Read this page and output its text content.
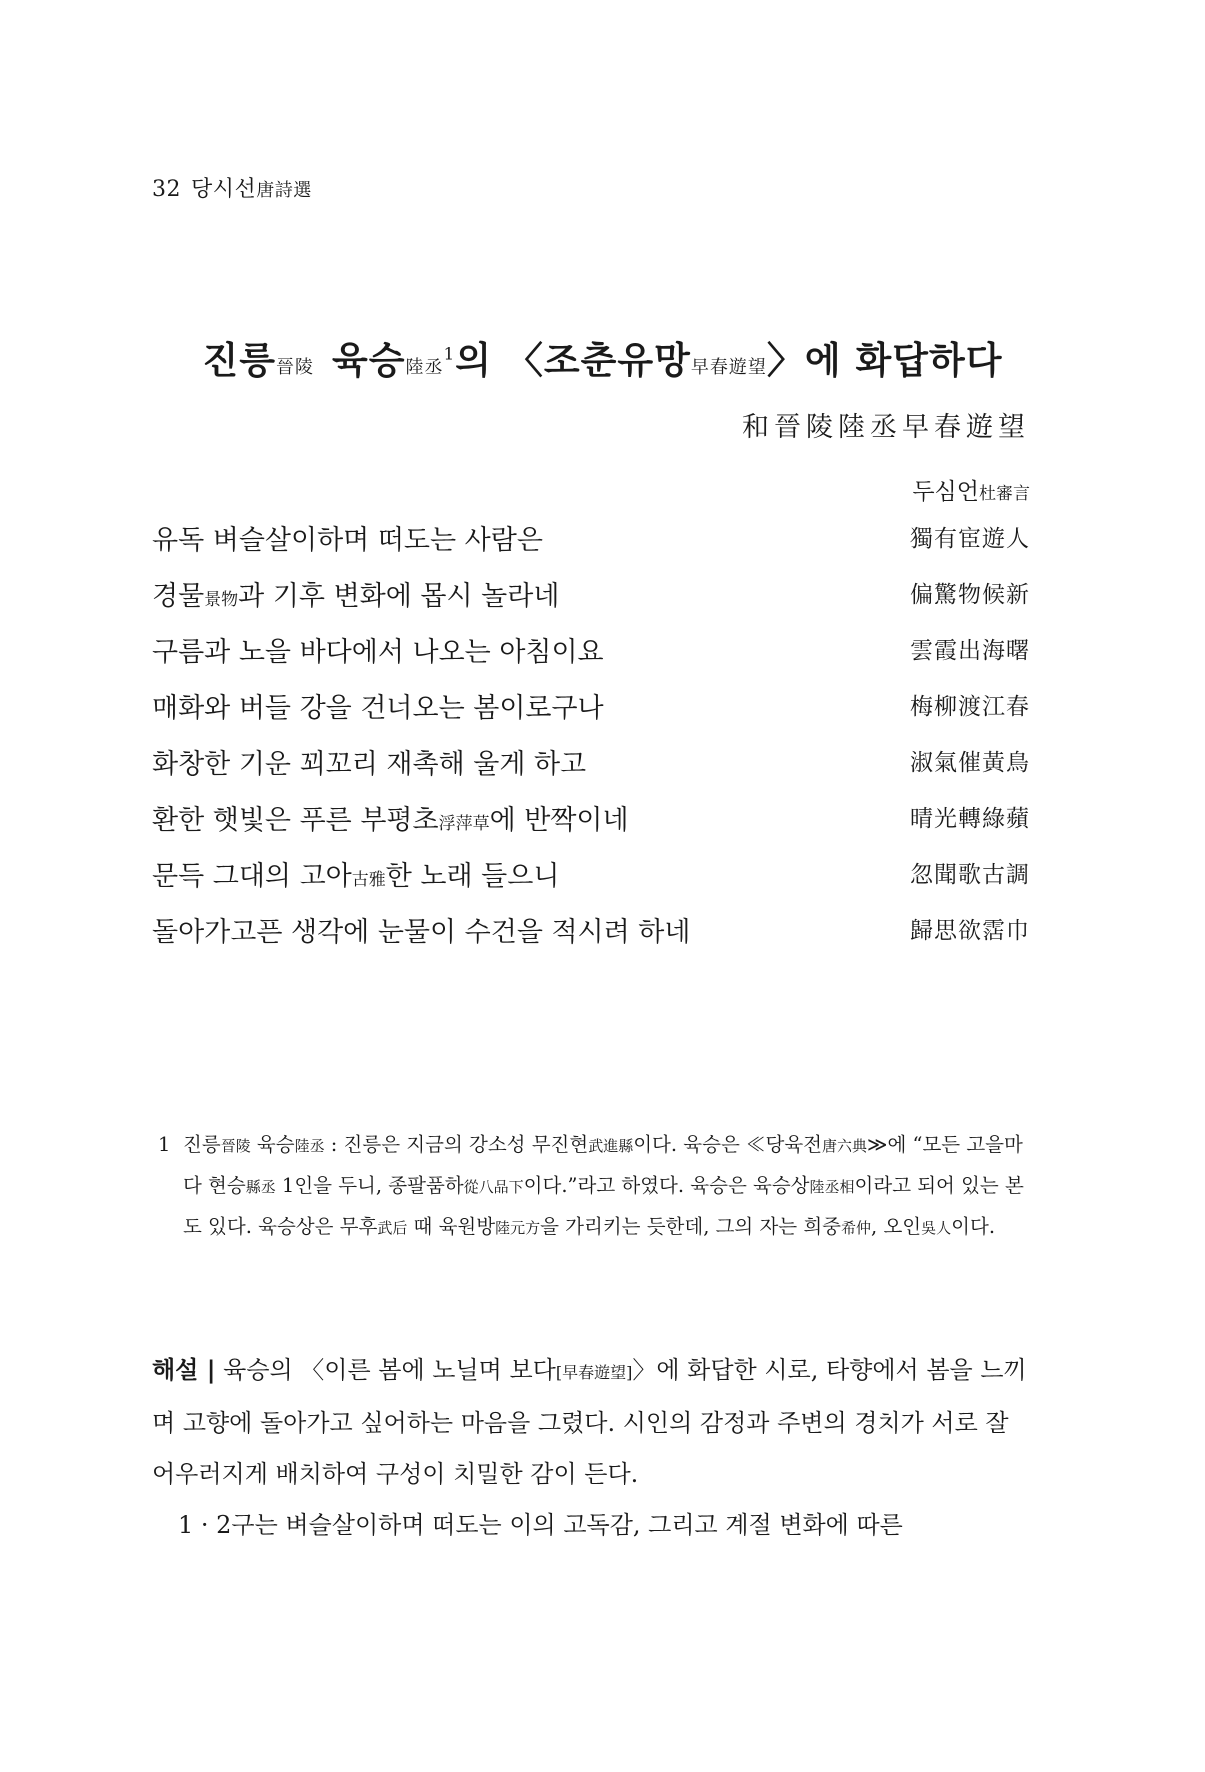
32 당시선唐詩選
진릉晉陵 육승陸丞$^1$의 〈조춘유망早春遊望〉에 화답하다
和晉陵陸丞早春遊望
두심언杜審言
유독 벼슬살이하며 떠도는 사람은	獨有宦遊人
경물景物과 기후 변화에 몹시 놀라네	偏驚物候新
구름과 노을 바다에서 나오는 아침이요	雲霞出海曙
매화와 버들 강을 건너오는 봄이로구나	梅柳渡江春
화창한 기운 꾀꼬리 재촉해 울게 하고	淑氣催黃鳥
환한 햇빛은 푸른 부평초浮萍草에 반짝이네	晴光轉綠蘋
문득 그대의 고아古雅한 노래 들으니	忽聞歌古調
돌아가고픈 생각에 눈물이 수건을 적시려 하네	歸思欲霑巾
1 진릉晉陵 육승陸丞 : 진릉은 지금의 강소성 무진현武進縣이다. 육승은 ≪당육전唐六典≫에 “모든 고을마다 현승縣丞 1인을 두니, 종팔품하從八品下이다.”라고 하였다. 육승은 육승상陸丞相이라고 되어 있는 본도 있다. 육승상은 무후武后 때 육원방陸元方을 가리키는 듯한데, 그의 자는 희중希仲, 오인吳人이다.

해설 | 육승의 〈이른 봄에 노닐며 보다[早春遊望]〉에 화답한 시로, 타향에서 봄을 느끼며 고향에 돌아가고 싶어하는 마음을 그렸다. 시인의 감정과 주변의 경치가 서로 잘 어우러지게 배치하여 구성이 치밀한 감이 든다.

1 · 2구는 벼슬살이하며 떠도는 이의 고독감, 그리고 계절 변화에 따른
